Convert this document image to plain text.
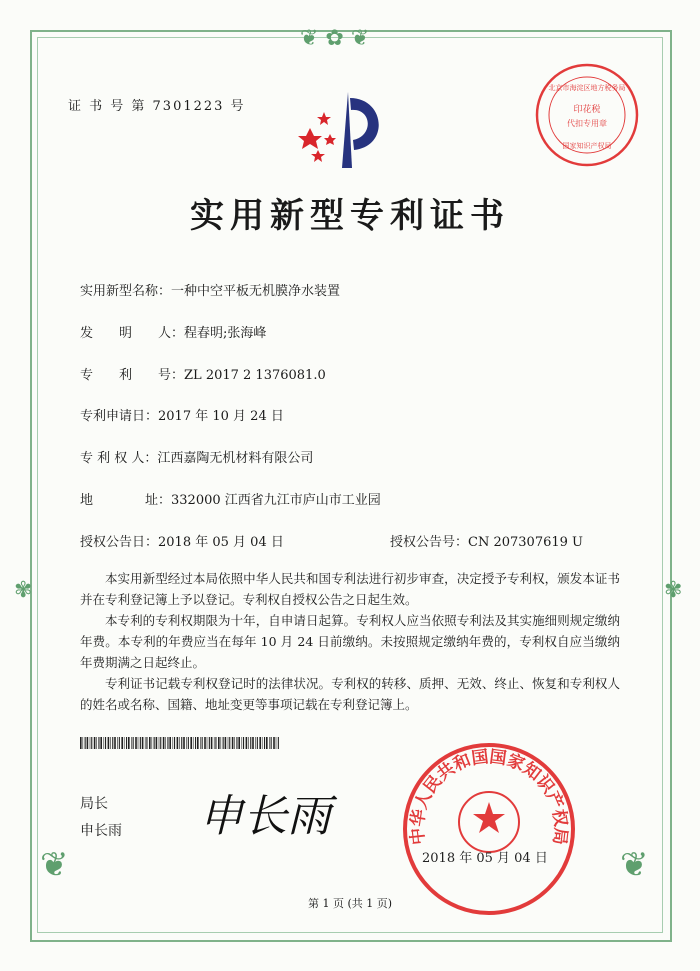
❦ ✿ ❦
❦	❦
✾	✾
证 书 号 第 7301223 号
北京市海淀区地方税务局
印花税
代扣专用章
国家知识产权局
实用新型专利证书
实用新型名称：一种中空平板无机膜净水装置
发　　明　　人：程春明;张海峰
专　　利　　号：ZL 2017 2 1376081.0
专利申请日：2017 年 10 月 24 日
专 利 权 人：江西嘉陶无机材料有限公司
地　　　　址：332000 江西省九江市庐山市工业园
授权公告日：2018 年 05 月 04 日	授权公告号：CN 207307619 U

本实用新型经过本局依照中华人民共和国专利法进行初步审查，决定授予专利权，颁发本证书并在专利登记簿上予以登记。专利权自授权公告之日起生效。

本专利的专利权期限为十年，自申请日起算。专利权人应当依照专利法及其实施细则规定缴纳年费。本专利的年费应当在每年 10 月 24 日前缴纳。未按照规定缴纳年费的，专利权自应当缴纳年费期满之日起终止。

专利证书记载专利权登记时的法律状况。专利权的转移、质押、无效、终止、恢复和专利权人的姓名或名称、国籍、地址变更等事项记载在专利登记簿上。

局长
申长雨 申长雨	中华人民共和国国家知识产权局
2018 年 05 月 04 日
第 1 页 (共 1 页)
